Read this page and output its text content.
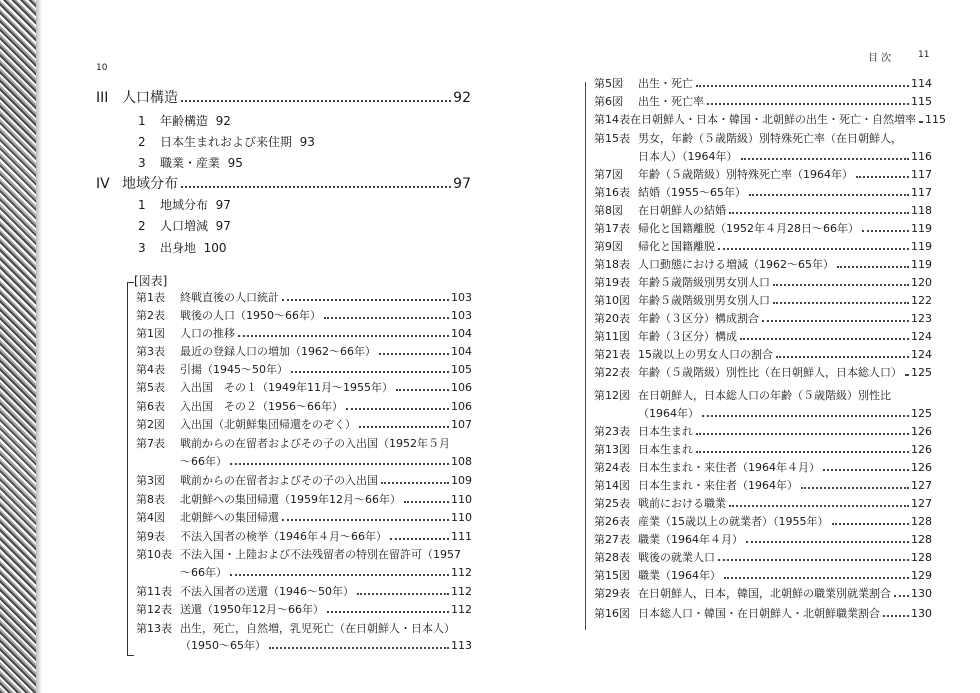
10
III 人口構造	92
1 年齢構造 92
2 日本生まれおよび来住期 93
3 職業・産業 95
IV 地域分布	97
1 地域分布 97
2 人口増減 97
3 出身地 100
[図表]
第1表	終戦直後の人口統計	103
第2表	戦後の人口（1950～66年）	103
第1図	人口の推移	104
第3表	最近の登録人口の増加（1962～66年）	104
第4表	引揚（1945～50年）	105
第5表	入出国　その１（1949年11月～1955年）	106
第6表	入出国　その２（1956～66年）	106
第2図	入出国（北朝鮮集団帰還をのぞく）	107
第7表 戦前からの在留者およびその子の入出国（1952年５月
～66年）	108
第3図	戦前からの在留者およびその子の入出国	109
第8表	北朝鮮への集団帰還（1959年12月～66年）	110
第4図	北朝鮮への集団帰還	110
第9表	不法入国者の検挙（1946年４月～66年）	111
第10表 不法入国・上陸および不法残留者の特別在留許可（1957
～66年）	112
第11表 不法入国者の送還（1946～50年）	112
第12表 送還（1950年12月～66年）	112
第13表 出生，死亡，自然増，乳児死亡（在日朝鮮人・日本人）
（1950～65年）	113
目 次	11
第5図	出生・死亡	114
第6図	出生・死亡率	115
第14表 在日朝鮮人・日本・韓国・北朝鮮の出生・死亡・自然増率 115
第15表 男女，年齢（５歳階級）別特殊死亡率（在日朝鮮人，
日本人）（1964年）	116
第7図	年齢（５歳階級）別特殊死亡率（1964年）	117
第16表 結婚（1955～65年）	117
第8図	在日朝鮮人の結婚	118
第17表 帰化と国籍離脱（1952年４月28日～66年）	119
第9図	帰化と国籍離脱	119
第18表 人口動態における増減（1962～65年）	119
第19表 年齢５歳階級別男女別人口	120
第10図 年齢５歳階級別男女別人口	122
第20表 年齢（３区分）構成割合	123
第11図 年齢（３区分）構成	124
第21表 15歳以上の男女人口の割合	124
第22表 年齢（５歳階級）別性比（在日朝鮮人，日本総人口） 125
第12図 在日朝鮮人，日本総人口の年齢（５歳階級）別性比
（1964年）	125
第23表 日本生まれ	126
第13図 日本生まれ	126
第24表 日本生まれ・来住者（1964年４月）	126
第14図 日本生まれ・来住者（1964年）	127
第25表 戦前における職業	127
第26表 産業（15歳以上の就業者）（1955年）	128
第27表 職業（1964年４月）	128
第28表 戦後の就業人口	128
第15図 職業（1964年）	129
第29表 在日朝鮮人，日本，韓国，北朝鮮の職業別就業割合 130
第16図 日本総人口・韓国・在日朝鮮人・北朝鮮職業割合	130
